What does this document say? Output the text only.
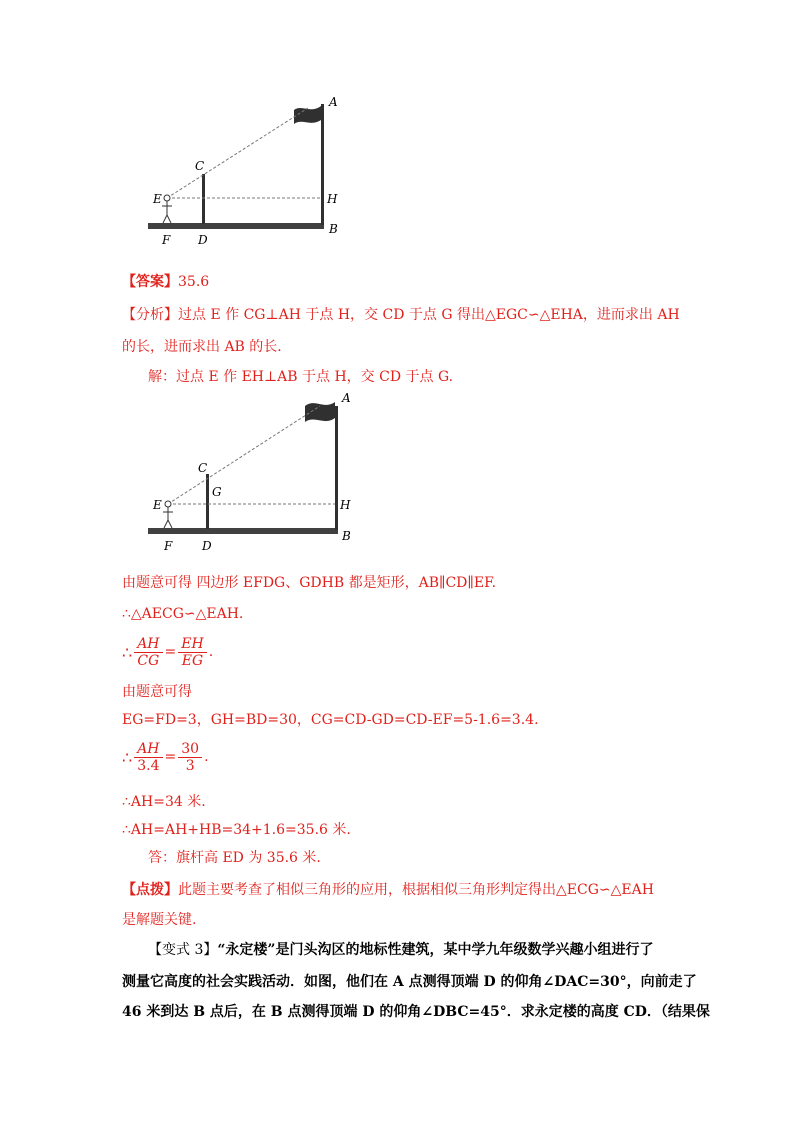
A
B
C
D
E
F
H
【答案】35.6
【分析】过点 E 作 CG⊥AH 于点 H，交 CD 于点 G 得出△EGC∽△EHA，进而求出 AH
的长，进而求出 AB 的长.
解：过点 E 作 EH⊥AB 于点 H，交 CD 于点 G.
A
B
C
D
E
F
G
H
由题意可得 四边形 EFDG、GDHB 都是矩形，AB∥CD∥EF.
∴△AECG∽△EAH.
∴ $\frac{AH}{CG} = \frac{EH}{EG}$ .
由题意可得
EG=FD=3，GH=BD=30，CG=CD-GD=CD-EF=5-1.6=3.4.
∴ $\frac{AH}{3.4} = \frac{30}{3}$ .
∴AH=34 米.
∴AH=AH+HB=34+1.6=35.6 米.
答：旗杆高 ED 为 35.6 米.
【点拨】此题主要考查了相似三角形的应用，根据相似三角形判定得出△ECG∽△EAH
是解题关键.
【变式 3】“永定楼”是门头沟区的地标性建筑，某中学九年级数学兴趣小组进行了
测量它高度的社会实践活动．如图，他们在 A 点测得顶端 D 的仰角∠DAC=30°，向前走了
46 米到达 B 点后，在 B 点测得顶端 D 的仰角∠DBC=45°．求永定楼的高度 CD．（结果保
